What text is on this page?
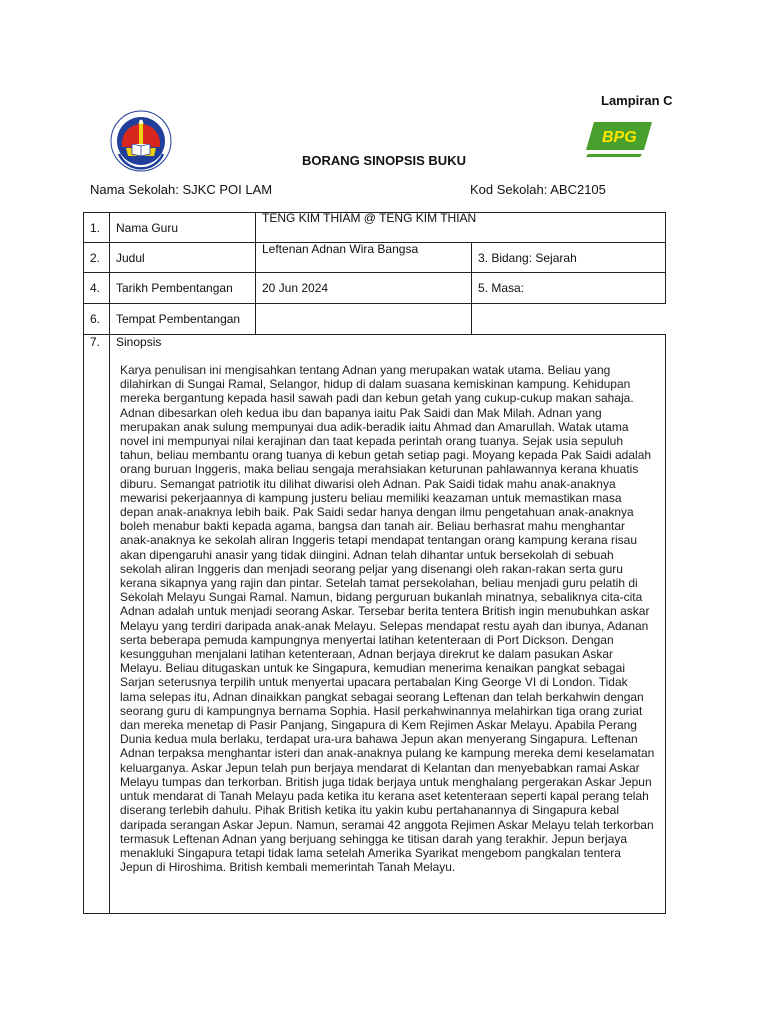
Lampiran C
BPG
BORANG SINOPSIS BUKU
Nama Sekolah: SJKC POI LAM	Kod Sekolah: ABC2105
1.	Nama Guru	TENG KIM THIAM @ TENG KIM THIAN	
2.	Judul	Leftenan Adnan Wira Bangsa	3. Bidang: Sejarah
4.	Tarikh Pembentangan	20 Jun 2024	5. Masa:
6.	Tempat Pembentangan		
7.	Sinopsis
Karya penulisan ini mengisahkan tentang Adnan yang merupakan watak utama. Beliau yang dilahirkan di Sungai Ramal, Selangor, hidup di dalam suasana kemiskinan kampung. Kehidupan mereka bergantung kepada hasil sawah padi dan kebun getah yang cukup-cukup makan sahaja. Adnan dibesarkan oleh kedua ibu dan bapanya iaitu Pak Saidi dan Mak Milah. Adnan yang merupakan anak sulung mempunyai dua adik-beradik iaitu Ahmad dan Amarullah. Watak utama novel ini mempunyai nilai kerajinan dan taat kepada perintah orang tuanya. Sejak usia sepuluh tahun, beliau membantu orang tuanya di kebun getah setiap pagi. Moyang kepada Pak Saidi adalah orang buruan Inggeris, maka beliau sengaja merahsiakan keturunan pahlawannya kerana khuatis diburu. Semangat patriotik itu dilihat diwarisi oleh Adnan. Pak Saidi tidak mahu anak-anaknya mewarisi pekerjaannya di kampung justeru beliau memiliki keazaman untuk memastikan masa depan anak-anaknya lebih baik. Pak Saidi sedar hanya dengan ilmu pengetahuan anak-anaknya boleh menabur bakti kepada agama, bangsa dan tanah air. Beliau berhasrat mahu menghantar anak-anaknya ke sekolah aliran Inggeris tetapi mendapat tentangan orang kampung kerana risau akan dipengaruhi anasir yang tidak diingini. Adnan telah dihantar untuk bersekolah di sebuah sekolah aliran Inggeris dan menjadi seorang peljar yang disenangi oleh rakan-rakan serta guru kerana sikapnya yang rajin dan pintar. Setelah tamat persekolahan, beliau menjadi guru pelatih di Sekolah Melayu Sungai Ramal. Namun, bidang perguruan bukanlah minatnya, sebaliknya cita-cita Adnan adalah untuk menjadi seorang Askar. Tersebar berita tentera British ingin menubuhkan askar Melayu yang terdiri daripada anak-anak Melayu. Selepas mendapat restu ayah dan ibunya, Adanan serta beberapa pemuda kampungnya menyertai latihan ketenteraan di Port Dickson. Dengan kesungguhan menjalani latihan ketenteraan, Adnan berjaya direkrut ke dalam pasukan Askar Melayu. Beliau ditugaskan untuk ke Singapura, kemudian menerima kenaikan pangkat sebagai Sarjan seterusnya terpilih untuk menyertai upacara pertabalan King George VI di London. Tidak lama selepas itu, Adnan dinaikkan pangkat sebagai seorang Leftenan dan telah berkahwin dengan seorang guru di kampungnya bernama Sophia. Hasil perkahwinannya melahirkan tiga orang zuriat dan mereka menetap di Pasir Panjang, Singapura di Kem Rejimen Askar Melayu. Apabila Perang Dunia kedua mula berlaku, terdapat ura-ura bahawa Jepun akan menyerang Singapura. Leftenan Adnan terpaksa menghantar isteri dan anak-anaknya pulang ke kampung mereka demi keselamatan keluarganya. Askar Jepun telah pun berjaya mendarat di Kelantan dan menyebabkan ramai Askar Melayu tumpas dan terkorban. British juga tidak berjaya untuk menghalang pergerakan Askar Jepun untuk mendarat di Tanah Melayu pada ketika itu kerana aset ketenteraan seperti kapal perang telah diserang terlebih dahulu. Pihak British ketika itu yakin kubu pertahanannya di Singapura kebal daripada serangan Askar Jepun. Namun, seramai 42 anggota Rejimen Askar Melayu telah terkorban termasuk Leftenan Adnan yang berjuang sehingga ke titisan darah yang terakhir. Jepun berjaya menakluki Singapura tetapi tidak lama setelah Amerika Syarikat mengebom pangkalan tentera Jepun di Hiroshima. British kembali memerintah Tanah Melayu.		
